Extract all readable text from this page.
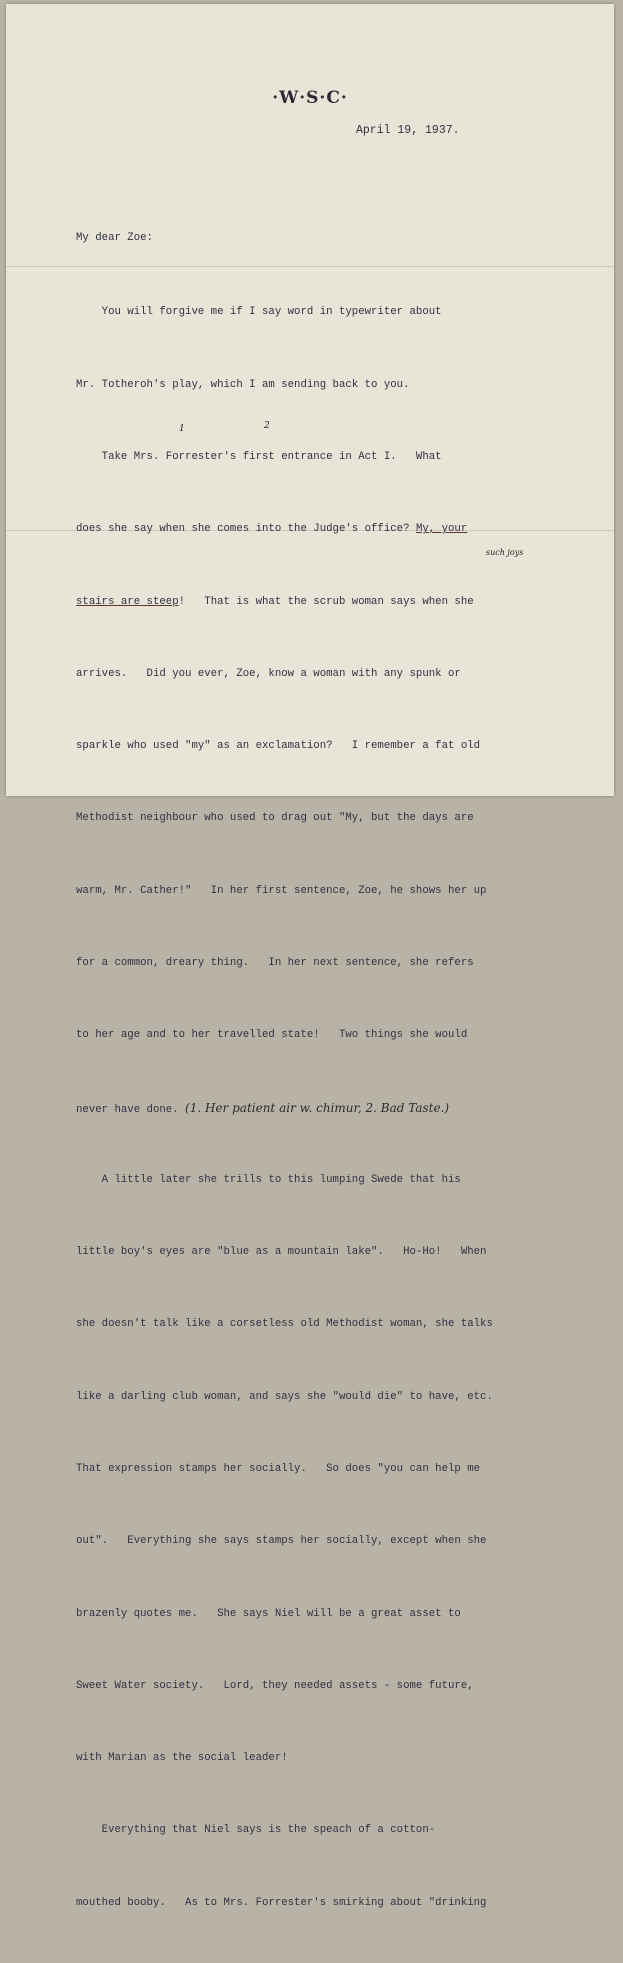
·W·S·C·
April 19, 1937.

My dear Zoe:

You will forgive me if I say word in typewriter about

Mr. Totheroh's play, which I am sending back to you.

Take Mrs. Forrester's first entrance in Act I.   What

does she say when she comes into the Judge's office? My, your

stairs are steep!   That is what the scrub woman says when she

arrives.   Did you ever, Zoe, know a woman with any spunk or

sparkle who used "my" as an exclamation?   I remember a fat old

Methodist neighbour who used to drag out "My, but the days are

warm, Mr. Cather!"   In her first sentence, Zoe, he shows her up

for a common, dreary thing.   In her next sentence, she refers

to her age and to her travelled state!   Two things she would

never have done. (1. Her patient air w. chimur, 2. Bad Taste.)

A little later she trills to this lumping Swede that his

little boy's eyes are "blue as a mountain lake".   Ho-Ho!   When

she doesn't talk like a corsetless old Methodist woman, she talks

like a darling club woman, and says she "would die" to have, etc.

That expression stamps her socially.   So does "you can help me

out".   Everything she says stamps her socially, except when she

brazenly quotes me.   She says Niel will be a great asset to

Sweet Water society.   Lord, they needed assets - some future,

with Marian as the social leader!

Everything that Niel says is the speach of a cotton-

mouthed booby.   As to Mrs. Forrester's smirking about "drinking

1	2
such joys
